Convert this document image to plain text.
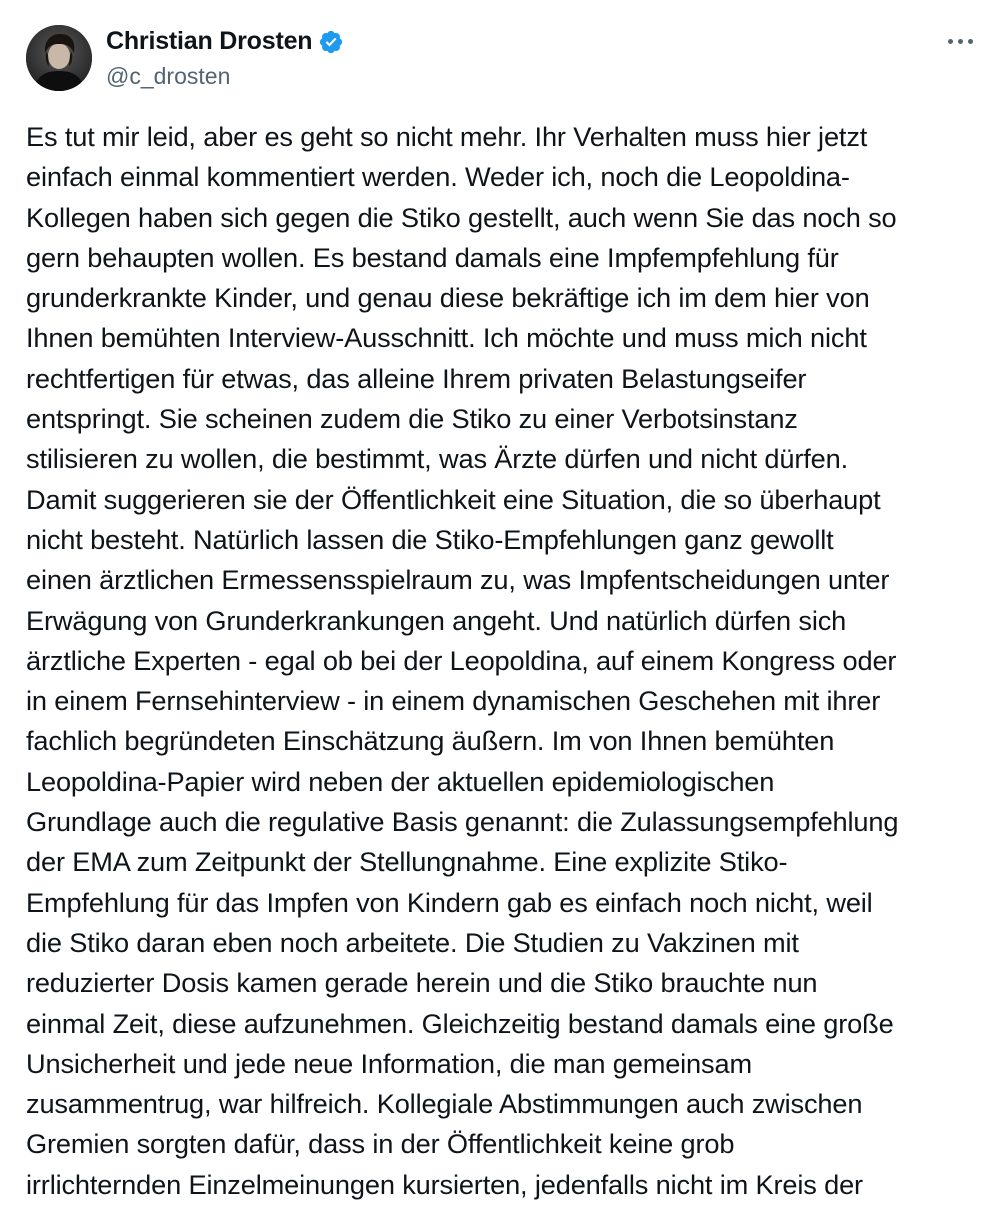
Christian Drosten
@c_drosten
Es tut mir leid, aber es geht so nicht mehr. Ihr Verhalten muss hier jetzt
einfach einmal kommentiert werden. Weder ich, noch die Leopoldina-
Kollegen haben sich gegen die Stiko gestellt, auch wenn Sie das noch so
gern behaupten wollen. Es bestand damals eine Impfempfehlung für
grunderkrankte Kinder, und genau diese bekräftige ich im dem hier von
Ihnen bemühten Interview-Ausschnitt. Ich möchte und muss mich nicht
rechtfertigen für etwas, das alleine Ihrem privaten Belastungseifer
entspringt. Sie scheinen zudem die Stiko zu einer Verbotsinstanz
stilisieren zu wollen, die bestimmt, was Ärzte dürfen und nicht dürfen.
Damit suggerieren sie der Öffentlichkeit eine Situation, die so überhaupt
nicht besteht. Natürlich lassen die Stiko-Empfehlungen ganz gewollt
einen ärztlichen Ermessensspielraum zu, was Impfentscheidungen unter
Erwägung von Grunderkrankungen angeht. Und natürlich dürfen sich
ärztliche Experten - egal ob bei der Leopoldina, auf einem Kongress oder
in einem Fernsehinterview - in einem dynamischen Geschehen mit ihrer
fachlich begründeten Einschätzung äußern. Im von Ihnen bemühten
Leopoldina-Papier wird neben der aktuellen epidemiologischen
Grundlage auch die regulative Basis genannt: die Zulassungsempfehlung
der EMA zum Zeitpunkt der Stellungnahme. Eine explizite Stiko-
Empfehlung für das Impfen von Kindern gab es einfach noch nicht, weil
die Stiko daran eben noch arbeitete. Die Studien zu Vakzinen mit
reduzierter Dosis kamen gerade herein und die Stiko brauchte nun
einmal Zeit, diese aufzunehmen. Gleichzeitig bestand damals eine große
Unsicherheit und jede neue Information, die man gemeinsam
zusammentrug, war hilfreich. Kollegiale Abstimmungen auch zwischen
Gremien sorgten dafür, dass in der Öffentlichkeit keine grob
irrlichternden Einzelmeinungen kursierten, jedenfalls nicht im Kreis der
